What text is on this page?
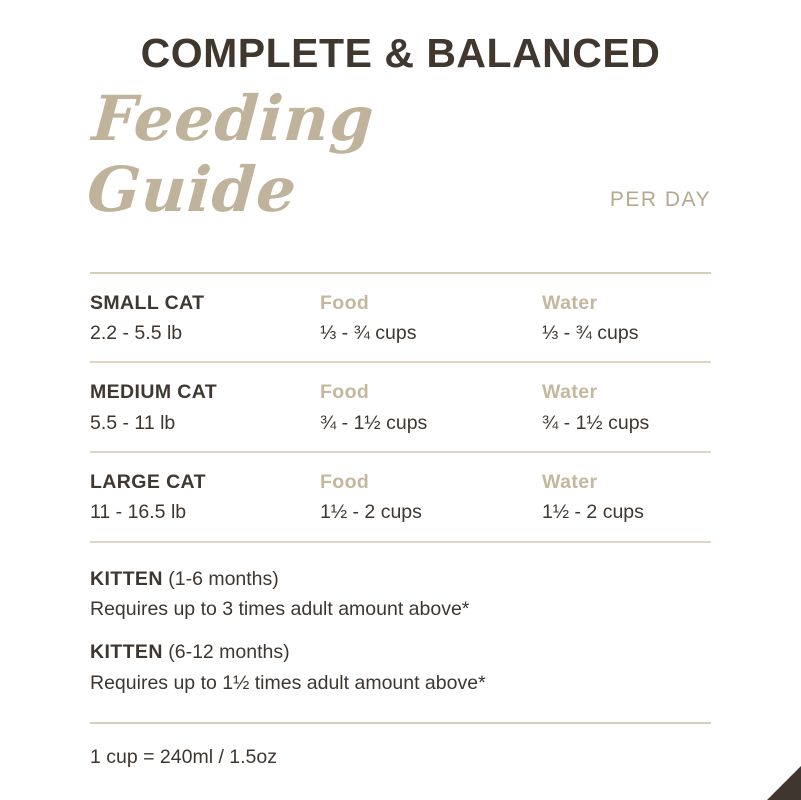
COMPLETE & BALANCED
Feeding Guide	PER DAY
SMALL CAT
2.2 - 5.5 lb
Food
⅓ - ¾ cups
Water
⅓ - ¾ cups
MEDIUM CAT
5.5 - 11 lb
Food
¾ - 1½ cups
Water
¾ - 1½ cups
LARGE CAT
11 - 16.5 lb
Food
1½ - 2 cups
Water
1½ - 2 cups
KITTEN (1-6 months)
Requires up to 3 times adult amount above*
KITTEN (6-12 months)
Requires up to 1½ times adult amount above*
1 cup = 240ml / 1.5oz
